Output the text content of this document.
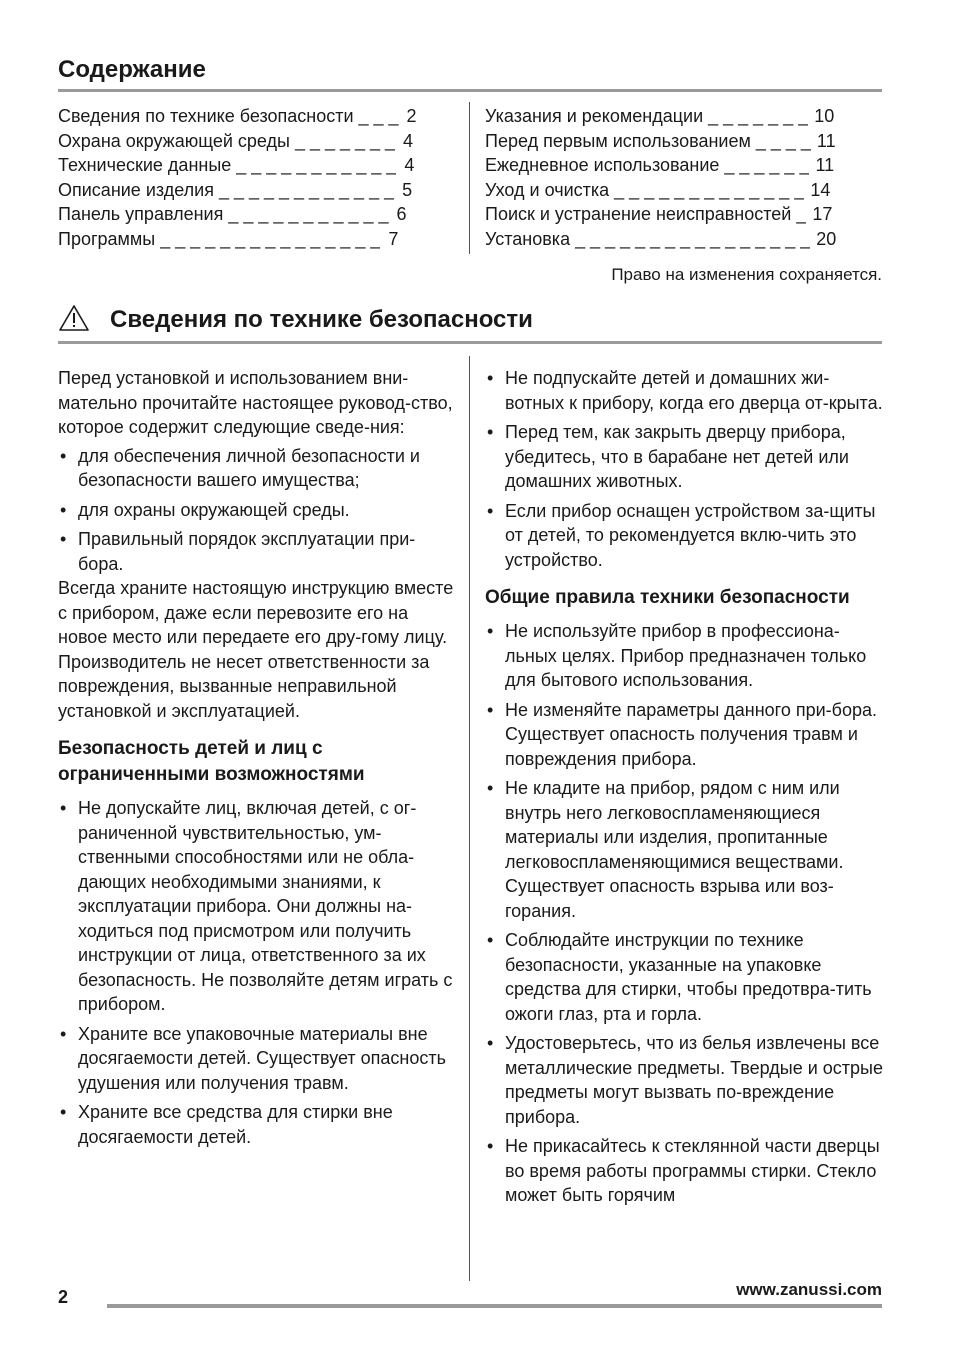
Содержание
Сведения по технике безопасности _ _ _ 2
Охрана окружающей среды _ _ _ _ _ _ _ 4
Технические данные _ _ _ _ _ _ _ _ _ _ _ 4
Описание изделия _ _ _ _ _ _ _ _ _ _ _ _ 5
Панель управления _ _ _ _ _ _ _ _ _ _ _ 6
Программы _ _ _ _ _ _ _ _ _ _ _ _ _ _ _ 7
Указания и рекомендации _ _ _ _ _ _ _ 10
Перед первым использованием _ _ _ _ 11
Ежедневное использование _ _ _ _ _ _ 11
Уход и очистка _ _ _ _ _ _ _ _ _ _ _ _ _ 14
Поиск и устранение неисправностей _ 17
Установка _ _ _ _ _ _ _ _ _ _ _ _ _ _ _ _ 20
Право на изменения сохраняется.
Сведения по технике безопасности

Перед установкой и использованием вни-мательно прочитайте настоящее руковод-ство, которое содержит следующие сведе-ния:

• для обеспечения личной безопасности и безопасности вашего имущества;
• для охраны окружающей среды.
• Правильный порядок эксплуатации при-бора.

Всегда храните настоящую инструкцию вместе с прибором, даже если перевозите его на новое место или передаете его дру-гому лицу.

Производитель не несет ответственности за повреждения, вызванные неправильной установкой и эксплуатацией.

Безопасность детей и лиц с ограниченными возможностями
• Не допускайте лиц, включая детей, с ог-раниченной чувствительностью, ум-ственными способностями или не обла-дающих необходимыми знаниями, к эксплуатации прибора. Они должны на-ходиться под присмотром или получить инструкции от лица, ответственного за их безопасность. Не позволяйте детям играть с прибором.
• Храните все упаковочные материалы вне досягаемости детей. Существует опасность удушения или получения травм.
• Храните все средства для стирки вне досягаемости детей.
• Не подпускайте детей и домашних жи-вотных к прибору, когда его дверца от-крыта.
• Перед тем, как закрыть дверцу прибора, убедитесь, что в барабане нет детей или домашних животных.
• Если прибор оснащен устройством за-щиты от детей, то рекомендуется вклю-чить это устройство.
Общие правила техники безопасности
• Не используйте прибор в профессиона-льных целях. Прибор предназначен только для бытового использования.
• Не изменяйте параметры данного при-бора. Существует опасность получения травм и повреждения прибора.
• Не кладите на прибор, рядом с ним или внутрь него легковоспламеняющиеся материалы или изделия, пропитанные легковоспламеняющимися веществами. Существует опасность взрыва или воз-горания.
• Соблюдайте инструкции по технике безопасности, указанные на упаковке средства для стирки, чтобы предотвра-тить ожоги глаз, рта и горла.
• Удостоверьтесь, что из белья извлечены все металлические предметы. Твердые и острые предметы могут вызвать по-вреждение прибора.
• Не прикасайтесь к стеклянной части дверцы во время работы программы стирки. Стекло может быть горячим
2	www.zanussi.com
